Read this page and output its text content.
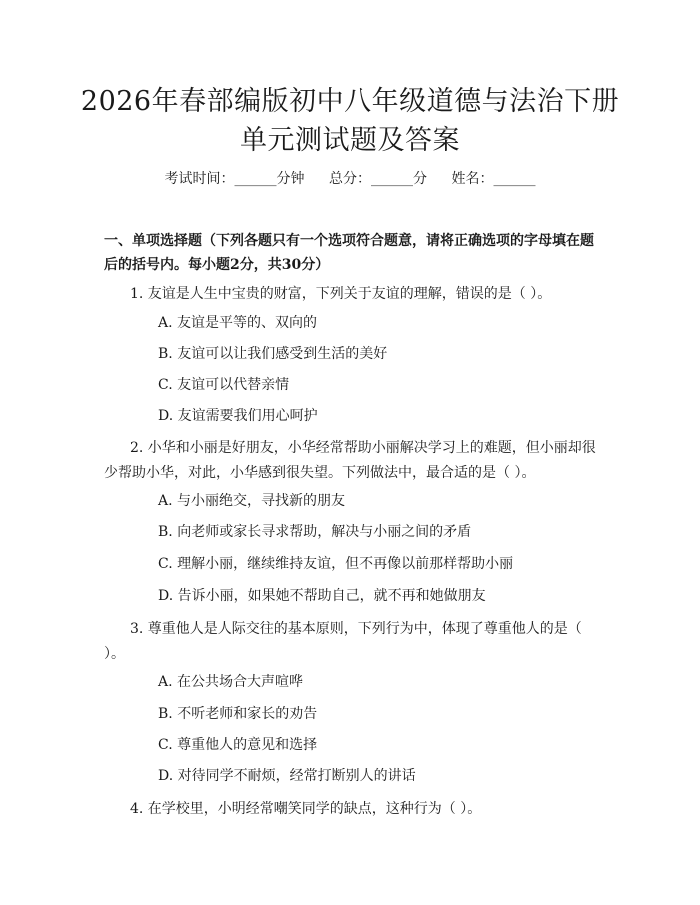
2026年春部编版初中八年级道德与法治下册
单元测试题及答案
考试时间：______分钟 总分：______分 姓名：______
一、单项选择题（下列各题只有一个选项符合题意，请将正确选项的字母填在题后的括号内。每小题2分，共30分）
1. 友谊是人生中宝贵的财富，下列关于友谊的理解，错误的是（ ）。
A. 友谊是平等的、双向的
B. 友谊可以让我们感受到生活的美好
C. 友谊可以代替亲情
D. 友谊需要我们用心呵护
2. 小华和小丽是好朋友，小华经常帮助小丽解决学习上的难题，但小丽却很少帮助小华，对此，小华感到很失望。下列做法中，最合适的是（ ）。
A. 与小丽绝交，寻找新的朋友
B. 向老师或家长寻求帮助，解决与小丽之间的矛盾
C. 理解小丽，继续维持友谊，但不再像以前那样帮助小丽
D. 告诉小丽，如果她不帮助自己，就不再和她做朋友
3. 尊重他人是人际交往的基本原则，下列行为中，体现了尊重他人的是（ ）。
A. 在公共场合大声喧哗
B. 不听老师和家长的劝告
C. 尊重他人的意见和选择
D. 对待同学不耐烦，经常打断别人的讲话
4. 在学校里，小明经常嘲笑同学的缺点，这种行为（ ）。
